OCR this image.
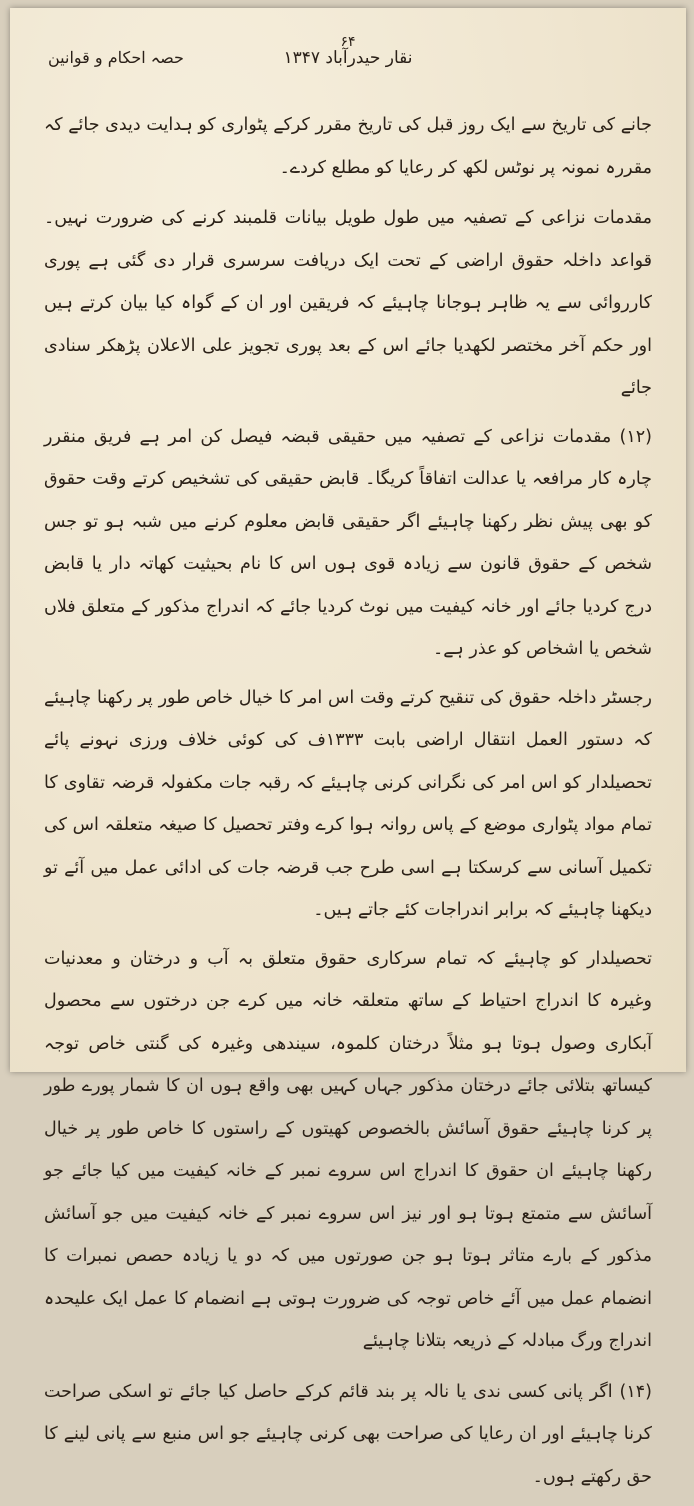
۶۴
۱۳۴۷ نقار حیدرآباد
حصہ احکام و قوانین

جانے کی تاریخ سے ایک روز قبل کی تاریخ مقرر کرکے پٹواری کو ہدایت دیدی جائے کہ مقررہ نمونہ پر نوٹس لکھ کر رعایا کو مطلع کردے۔

مقدمات نزاعی کے تصفیہ میں طول طویل بیانات قلمبند کرنے کی ضرورت نہیں۔ قواعد داخلہ حقوق اراضی کے تحت ایک دریافت سرسری قرار دی گئی ہے پوری کارروائی سے یہ ظاہر ہوجانا چاہیئے کہ فریقین اور ان کے گواہ کیا بیان کرتے ہیں اور حکم آخر مختصر لکھدیا جائے اس کے بعد پوری تجویز علی الاعلان پڑھکر سنادی جائے

(۱۲) مقدمات نزاعی کے تصفیہ میں حقیقی قبضہ فیصل کن امر ہے فریق منقرر چارہ کار مرافعہ یا عدالت اتفاقاً کریگا۔ قابض حقیقی کی تشخیص کرتے وقت حقوق کو بھی پیش نظر رکھنا چاہیئے اگر حقیقی قابض معلوم کرنے میں شبہ ہو تو جس شخص کے حقوق قانون سے زیادہ قوی ہوں اس کا نام بحیثیت کھاتہ دار یا قابض درج کردیا جائے اور خانہ کیفیت میں نوٹ کردیا جائے کہ اندراج مذکور کے متعلق فلاں شخص یا اشخاص کو عذر ہے۔

رجسٹر داخلہ حقوق کی تنقیح کرتے وقت اس امر کا خیال خاص طور پر رکھنا چاہیئے کہ دستور العمل انتقال اراضی بابت ۱۳۳۳ف کی کوئی خلاف ورزی نہونے پائے تحصیلدار کو اس امر کی نگرانی کرنی چاہیئے کہ رقبہ جات مکفولہ قرضہ تقاوی کا تمام مواد پٹواری موضع کے پاس روانہ ہوا کرے وفتر تحصیل کا صیغہ متعلقہ اس کی تکمیل آسانی سے کرسکتا ہے اسی طرح جب قرضہ جات کی ادائی عمل میں آئے تو دیکھنا چاہیئے کہ برابر اندراجات کئے جاتے ہیں۔

تحصیلدار کو چاہیئے کہ تمام سرکاری حقوق متعلق بہ آب و درختان و معدنیات وغیرہ کا اندراج احتیاط کے ساتھ متعلقہ خانہ میں کرے جن درختوں سے محصول آبکاری وصول ہوتا ہو مثلاً درختان کلموہ، سیندھی وغیرہ کی گنتی خاص توجہ کیساتھ بتلائی جائے درختان مذکور جہاں کہیں بھی واقع ہوں ان کا شمار پورے طور پر کرنا چاہیئے حقوق آسائش بالخصوص کھیتوں کے راستوں کا خاص طور پر خیال رکھنا چاہیئے ان حقوق کا اندراج اس سروے نمبر کے خانہ کیفیت میں کیا جائے جو آسائش سے متمتع ہوتا ہو اور نیز اس سروے نمبر کے خانہ کیفیت میں جو آسائش مذکور کے بارے متاثر ہوتا ہو جن صورتوں میں کہ دو یا زیادہ حصص نمبرات کا انضمام عمل میں آئے خاص توجہ کی ضرورت ہوتی ہے انضمام کا عمل ایک علیحدہ اندراج ورگ مبادلہ کے ذریعہ بتلانا چاہیئے

(۱۴) اگر پانی کسی ندی یا نالہ پر بند قائم کرکے حاصل کیا جائے تو اسکی صراحت کرنا چاہیئے اور ان رعایا کی صراحت بھی کرنی چاہیئے جو اس منبع سے پانی لینے کا حق رکھتے ہوں۔
